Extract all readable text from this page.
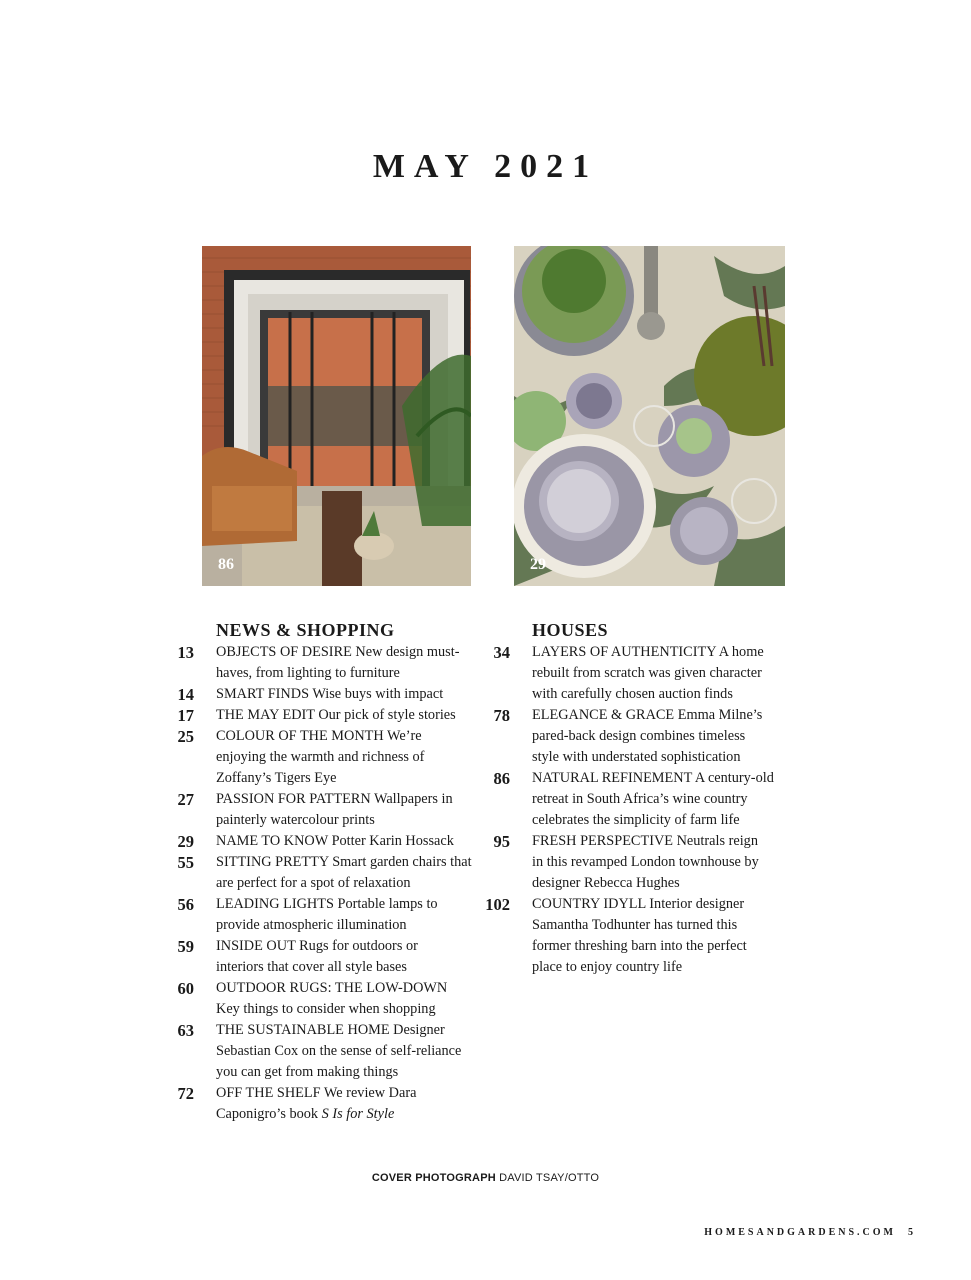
MAY 2021
86	29
NEWS & SHOPPING	HOUSES
13 OBJECTS OF DESIRE New design must-haves, from lighting to furniture
14 SMART FINDS Wise buys with impact
17 THE MAY EDIT Our pick of style stories
25 COLOUR OF THE MONTH We’re enjoying the warmth and richness of Zoffany’s Tigers Eye
27 PASSION FOR PATTERN Wallpapers in painterly watercolour prints
29 NAME TO KNOW Potter Karin Hossack
55 SITTING PRETTY Smart garden chairs that are perfect for a spot of relaxation
56 LEADING LIGHTS Portable lamps to provide atmospheric illumination
59 INSIDE OUT Rugs for outdoors or interiors that cover all style bases
60 OUTDOOR RUGS: THE LOW-DOWN Key things to consider when shopping
63 THE SUSTAINABLE HOME Designer Sebastian Cox on the sense of self-reliance you can get from making things
72 OFF THE SHELF We review Dara Caponigro’s book S Is for Style
34 LAYERS OF AUTHENTICITY A home rebuilt from scratch was given character with carefully chosen auction finds
78 ELEGANCE & GRACE Emma Milne’s pared-back design combines timeless style with understated sophistication
86 NATURAL REFINEMENT A century-old retreat in South Africa’s wine country celebrates the simplicity of farm life
95 FRESH PERSPECTIVE Neutrals reign in this revamped London townhouse by designer Rebecca Hughes
102 COUNTRY IDYLL Interior designer Samantha Todhunter has turned this former threshing barn into the perfect place to enjoy country life
COVER PHOTOGRAPH DAVID TSAY/OTTO
HOMESANDGARDENS.COM 5
